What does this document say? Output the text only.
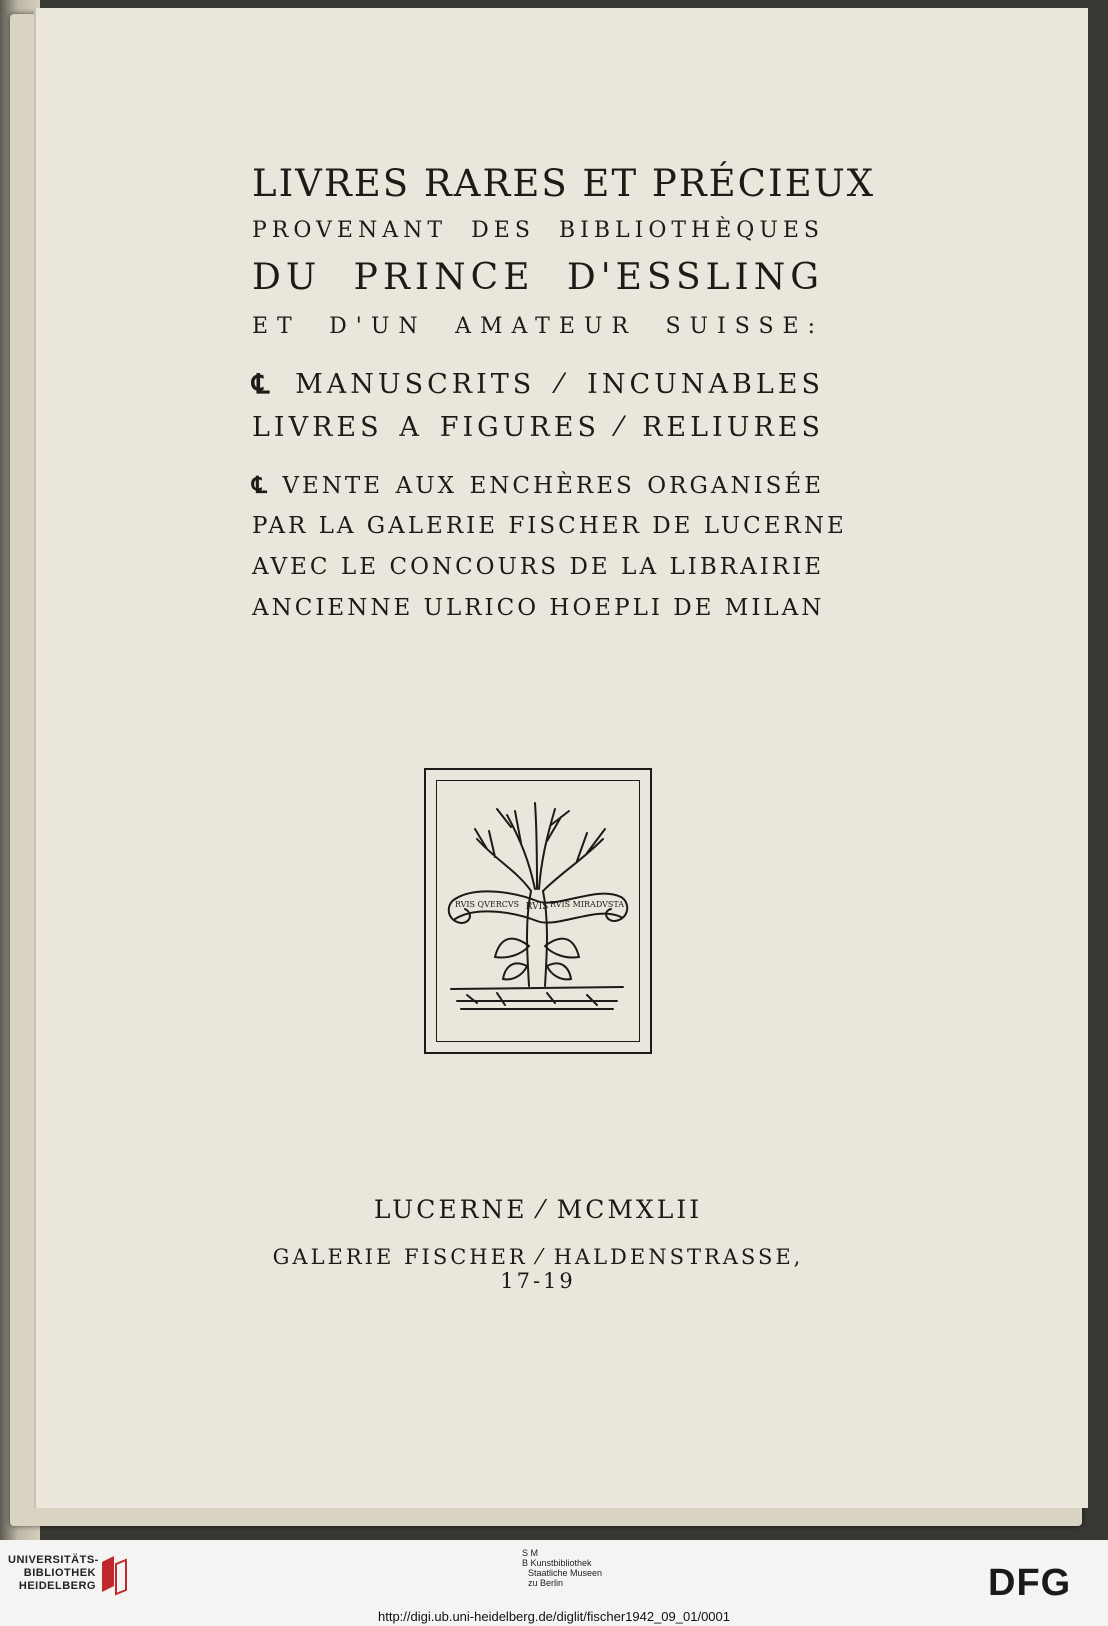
LIVRES RARES ET PRÉCIEUX
PROVENANT DES BIBLIOTHÈQUES
DU PRINCE D'ESSLING
ET D'UN AMATEUR SUISSE:
℄ MANUSCRITS ⁄ INCUNABLES
LIVRES A FIGURES ⁄ RELIURES
℄ VENTE AUX ENCHÈRES ORGANISÉE
PAR LA GALERIE FISCHER DE LUCERNE
AVEC LE CONCOURS DE LA LIBRAIRIE
ANCIENNE ULRICO HOEPLI DE MILAN
RVIS
RVIS QVERCVS	RVIS MIRADVSTA
LUCERNE ⁄ MCMXLII
GALERIE FISCHER ⁄ HALDENSTRASSE, 17-19
UNIVERSITÄTS-
BIBLIOTHEK
HEIDELBERG
S M
B Kunstbibliothek
Staatliche Museen
zu Berlin	DFG
http://digi.ub.uni-heidelberg.de/diglit/fischer1942_09_01/0001
